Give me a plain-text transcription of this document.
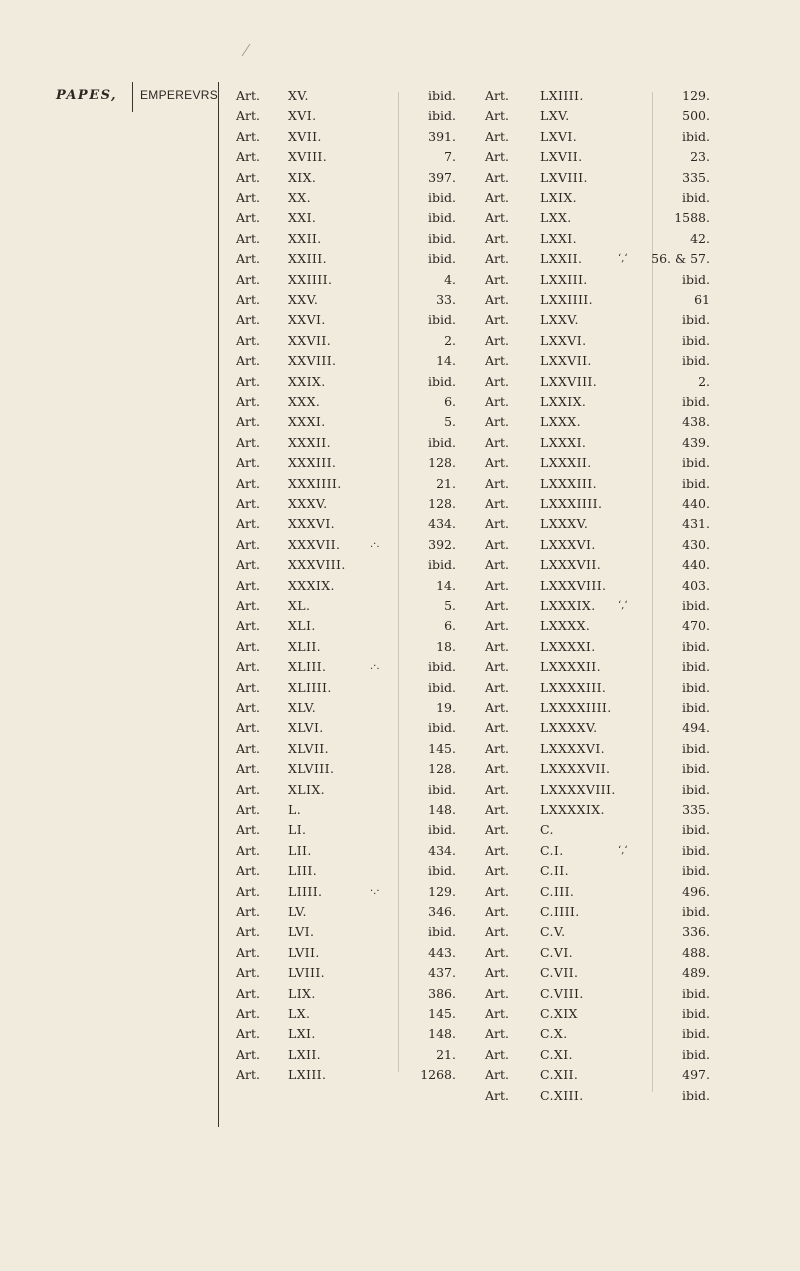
PAPES, EMPEREVRS Art. XV.	ibid. Art. LXIIII.	129.
Art. XVI.	ibid. Art. LXV.	500.
Art. XVII.	391. Art. LXVI.	ibid.
Art. XVIII.	7. Art. LXVII.	23.
Art. XIX.	397. Art. LXVIII.	335.
Art. XX.	ibid. Art. LXIX.	ibid.
Art. XXI.	ibid. Art. LXX.	1588.
Art. XXII.	ibid. Art. LXXI.	42.
Art. XXIII.	ibid. Art. LXXII.	56. & 57.
‘‚‘
Art. XXIIII.	4. Art. LXXIII.	ibid.
Art. XXV.	33. Art. LXXIIII.	61
Art. XXVI.	ibid. Art. LXXV.	ibid.
Art. XXVII.	2. Art. LXXVI.	ibid.
Art. XXVIII.	14. Art. LXXVII.	ibid.
Art. XXIX.	ibid. Art. LXXVIII.	2.
Art. XXX.	6. Art. LXXIX.	ibid.
Art. XXXI.	5. Art. LXXX.	438.
Art. XXXII.	ibid. Art. LXXXI.	439.
Art. XXXIII.	128. Art. LXXXII.	ibid.
Art. XXXIIII.	21. Art. LXXXIII.	ibid.
Art. XXXV.	128. Art. LXXXIIII.	440.
Art. XXXVI.	434. Art. LXXXV.	431.
Art. XXXVII.	392. Art. LXXXVI.	430.
.·.
Art. XXXVIII.	ibid. Art. LXXXVII.	440.
Art. XXXIX.	14. Art. LXXXVIII.	403.
Art. XL.	5. Art. LXXXIX.	ibid.
‘‚‘
Art. XLI.	6. Art. LXXXX.	470.
Art. XLII.	18. Art. LXXXXI.	ibid.
Art. XLIII.	ibid. Art. LXXXXII.	ibid.
.·.
Art. XLIIII.	ibid. Art. LXXXXIII.	ibid.
Art. XLV.	19. Art. LXXXXIIII.	ibid.
Art. XLVI.	ibid. Art. LXXXXV.	494.
Art. XLVII.	145. Art. LXXXXVI.	ibid.
Art. XLVIII.	128. Art. LXXXXVII.	ibid.
Art. XLIX.	ibid. Art. LXXXXVIII.	ibid.
Art. L.	148. Art. LXXXXIX.	335.
Art. LI.	ibid. Art. C.	ibid.
Art. LII.	434. Art. C.I.	ibid.
‘‚‘
Art. LIII.	ibid. Art. C.II.	ibid.
Art. LIIII.	129. Art. C.III.	496.
·.·
Art. LV.	346. Art. C.IIII.	ibid.
Art. LVI.	ibid. Art. C.V.	336.
Art. LVII.	443. Art. C.VI.	488.
Art. LVIII.	437. Art. C.VII.	489.
Art. LIX.	386. Art. C.VIII.	ibid.
Art. LX.	145. Art. C.XIX	ibid.
Art. LXI.	148. Art. C.X.	ibid.
Art. LXII.	21. Art. C.XI.	ibid.
Art. LXIII.	1268. Art. C.XII.	497.
Art. C.XIII.	ibid.
